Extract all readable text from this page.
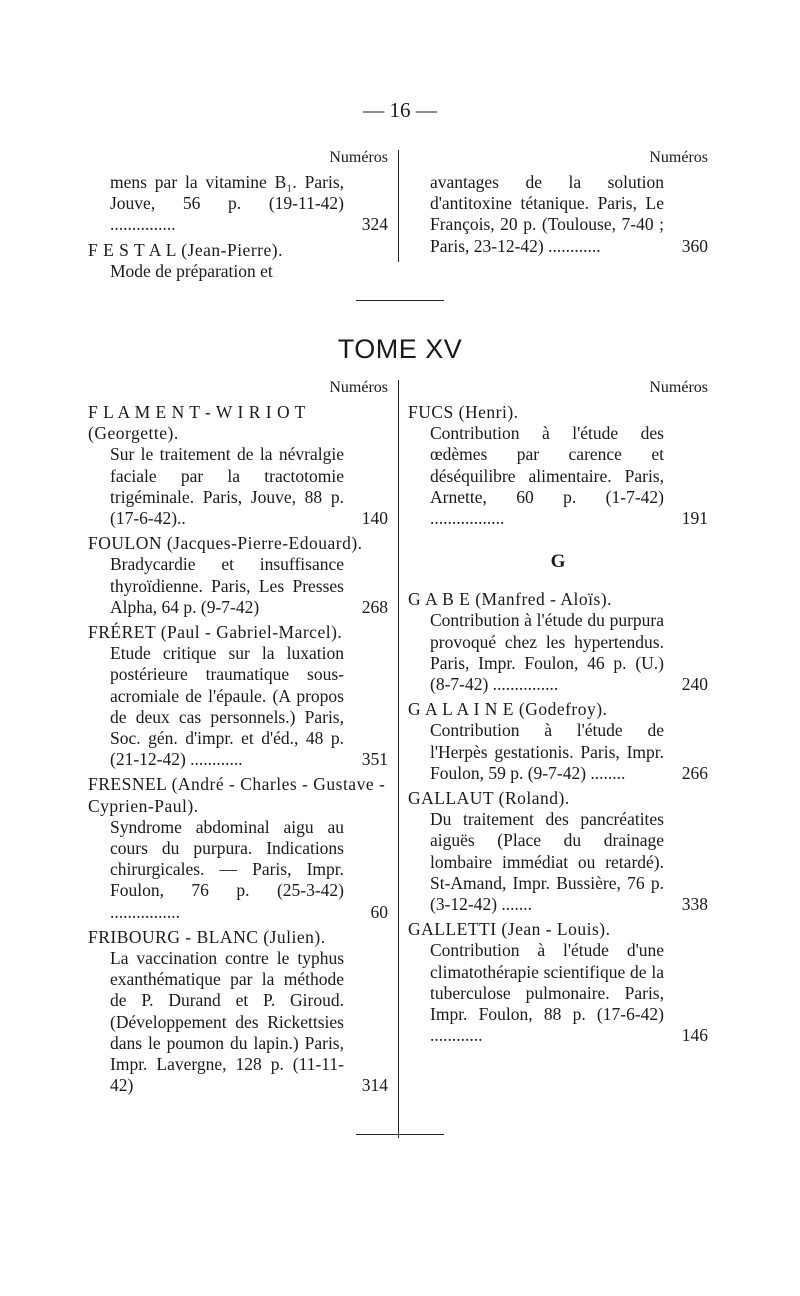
— 16 —
Numéros
mens par la vitamine B₁. Paris, Jouve, 56 p. (19-11-42) ...............	324
F E S T A L (Jean-Pierre).
Mode de préparation et
Numéros
avantages de la solution d'antitoxine tétanique. Paris, Le François, 20 p. (Toulouse, 7-40 ; Paris, 23-12-42) ............	360
TOME XV
Numéros
F L A M E N T - W I R I O T (Georgette).
Sur le traitement de la névralgie faciale par la tractotomie trigéminale. Paris, Jouve, 88 p. (17-6-42)..	140
FOULON (Jacques-Pierre-Edouard).
Bradycardie et insuffisance thyroïdienne. Paris, Les Presses Alpha, 64 p. (9-7-42)	268
FRÉRET (Paul - Gabriel-Marcel).
Etude critique sur la luxation postérieure traumatique sous-acromiale de l'épaule. (A propos de deux cas personnels.) Paris, Soc. gén. d'impr. et d'éd., 48 p. (21-12-42) ............	351
FRESNEL (André - Charles - Gustave - Cyprien-Paul).
Syndrome abdominal aigu au cours du purpura. Indications chirurgicales. — Paris, Impr. Foulon, 76 p. (25-3-42) ................	60
FRIBOURG - BLANC (Julien).
La vaccination contre le typhus exanthématique par la méthode de P. Durand et P. Giroud. (Développement des Rickettsies dans le poumon du lapin.) Paris, Impr. Lavergne, 128 p. (11-11-42)	314
Numéros
FUCS (Henri).
Contribution à l'étude des œdèmes par carence et déséquilibre alimentaire. Paris, Arnette, 60 p. (1-7-42) .................	191
G
G A B E (Manfred - Aloïs).
Contribution à l'étude du purpura provoqué chez les hypertendus. Paris, Impr. Foulon, 46 p. (U.) (8-7-42) ...............	240
G A L A I N E (Godefroy).
Contribution à l'étude de l'Herpès gestationis. Paris, Impr. Foulon, 59 p. (9-7-42) ........	266
GALLAUT (Roland).
Du traitement des pancréatites aiguës (Place du drainage lombaire immédiat ou retardé). St-Amand, Impr. Bussière, 76 p. (3-12-42) .......	338
GALLETTI (Jean - Louis).
Contribution à l'étude d'une climatothérapie scientifique de la tuberculose pulmonaire. Paris, Impr. Foulon, 88 p. (17-6-42) ............	146
